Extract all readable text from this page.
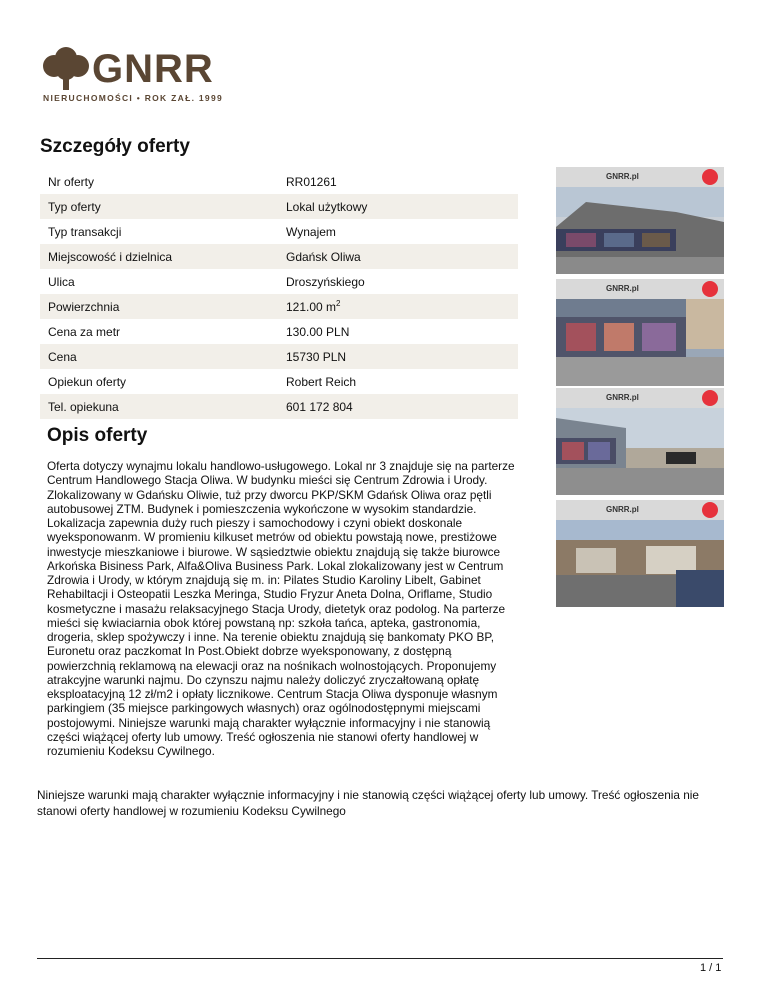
GNRR
NIERUCHOMOŚCI • ROK ZAŁ. 1999
Szczegóły oferty
Nr oferty	RR01261
Typ oferty	Lokal użytkowy
Typ transakcji	Wynajem
Miejscowość i dzielnica	Gdańsk Oliwa
Ulica	Droszyńskiego
Powierzchnia	121.00 $m^2$
Cena za metr	130.00 PLN
Cena	15730 PLN
Opiekun oferty	Robert Reich
Tel. opiekuna	601 172 804
Opis oferty

Oferta dotyczy wynajmu lokalu handlowo-usługowego. Lokal nr 3 znajduje się na parterze Centrum Handlowego Stacja Oliwa. W budynku mieści się Centrum Zdrowia i Urody. Zlokalizowany w Gdańsku Oliwie, tuż przy dworcu PKP/SKM Gdańsk Oliwa oraz pętli autobusowej ZTM. Budynek i pomieszczenia wykończone w wysokim standardzie. Lokalizacja zapewnia duży ruch pieszy i samochodowy i czyni obiekt doskonale wyeksponowanm. W promieniu kilkuset metrów od obiektu powstają nowe, prestiżowe inwestycje mieszkaniowe i biurowe. W sąsiedztwie obiektu znajdują się także biurowce Arkońska Bisiness Park, Alfa&Oliva Business Park. Lokal zlokalizowany jest w Centrum Zdrowia i Urody, w którym znajdują się m. in: Pilates Studio Karoliny Libelt, Gabinet Rehabiltacji i Osteopatii Leszka Meringa, Studio Fryzur Aneta Dolna, Oriflame, Studio kosmetyczne i masażu relaksacyjnego Stacja Urody, dietetyk oraz podolog. Na parterze mieści się kwiaciarnia obok której powstaną np: szkoła tańca, apteka, gastronomia, drogeria, sklep spożywczy i inne. Na terenie obiektu znajdują się bankomaty PKO BP, Euronetu oraz paczkomat In Post.Obiekt dobrze wyeksponowany, z dostępną powierzchnią reklamową na elewacji oraz na nośnikach wolnostojących. Proponujemy atrakcyjne warunki najmu. Do czynszu najmu należy doliczyć zryczałtowaną opłatę eksploatacyjną 12 zł/m2 i opłaty licznikowe. Centrum Stacja Oliwa dysponuje własnym parkingiem (35 miejsce parkingowych własnych) oraz ogólnodostępnymi miejscami postojowymi. Niniejsze warunki mają charakter wyłącznie informacyjny i nie stanowią części wiążącej oferty lub umowy. Treść ogłoszenia nie stanowi oferty handlowej w rozumieniu Kodeksu Cywilnego.

Niniejsze warunki mają charakter wyłącznie informacyjny i nie stanowią części wiążącej oferty lub umowy. Treść ogłoszenia nie stanowi oferty handlowej w rozumieniu Kodeksu Cywilnego

GNRR.pl
GNRR.pl
GNRR.pl
GNRR.pl
1 / 1
